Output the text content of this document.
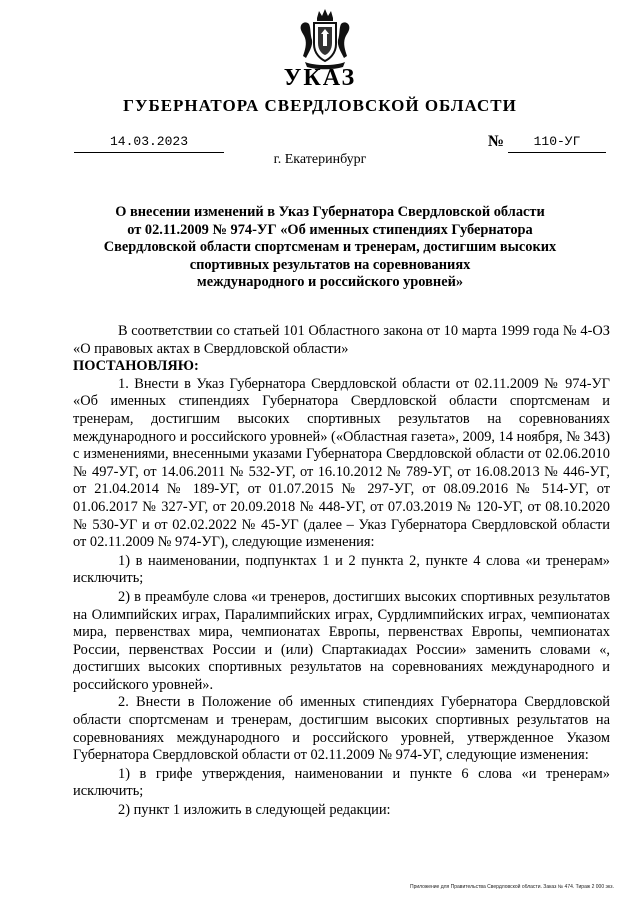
УКАЗ
ГУБЕРНАТОРА СВЕРДЛОВСКОЙ ОБЛАСТИ
14.03.2023	№	110-УГ
г. Екатеринбург
О внесении изменений в Указ Губернатора Свердловской области
от 02.11.2009 № 974-УГ «Об именных стипендиях Губернатора
Свердловской области спортсменам и тренерам, достигшим высоких
спортивных результатов на соревнованиях
международного и российского уровней»

В соответствии со статьей 101 Областного закона от 10 марта 1999 года № 4-ОЗ «О правовых актах в Свердловской области»

ПОСТАНОВЛЯЮ:

1. Внести в Указ Губернатора Свердловской области от 02.11.2009 № 974-УГ «Об именных стипендиях Губернатора Свердловской области спортсменам и тренерам, достигшим высоких спортивных результатов на соревнованиях международного и российского уровней» («Областная газета», 2009, 14 ноября, № 343) с изменениями, внесенными указами Губернатора Свердловской области от 02.06.2010 № 497-УГ, от 14.06.2011 № 532-УГ, от 16.10.2012 № 789-УГ, от 16.08.2013 № 446-УГ, от 21.04.2014 № 189-УГ, от 01.07.2015 № 297-УГ, от 08.09.2016 № 514-УГ, от 01.06.2017 № 327-УГ, от 20.09.2018 № 448-УГ, от 07.03.2019 № 120-УГ, от 08.10.2020 № 530-УГ и от 02.02.2022 № 45-УГ (далее – Указ Губернатора Свердловской области от 02.11.2009 № 974-УГ), следующие изменения:

1) в наименовании, подпунктах 1 и 2 пункта 2, пункте 4 слова «и тренерам» исключить;

2) в преамбуле слова «и тренеров, достигших высоких спортивных результатов на Олимпийских играх, Паралимпийских играх, Сурдлимпийских играх, чемпионатах мира, первенствах мира, чемпионатах Европы, первенствах Европы, чемпионатах России, первенствах России и (или) Спартакиадах России» заменить словами «, достигших высоких спортивных результатов на соревнованиях международного и российского уровней».

2. Внести в Положение об именных стипендиях Губернатора Свердловской области спортсменам и тренерам, достигшим высоких спортивных результатов на соревнованиях международного и российского уровней, утвержденное Указом Губернатора Свердловской области от 02.11.2009 № 974-УГ, следующие изменения:

1) в грифе утверждения, наименовании и пункте 6 слова «и тренерам» исключить;

2) пункт 1 изложить в следующей редакции:

Приложение для Правительства Свердловской области. Заказ № 474. Тираж 2 000 экз.
